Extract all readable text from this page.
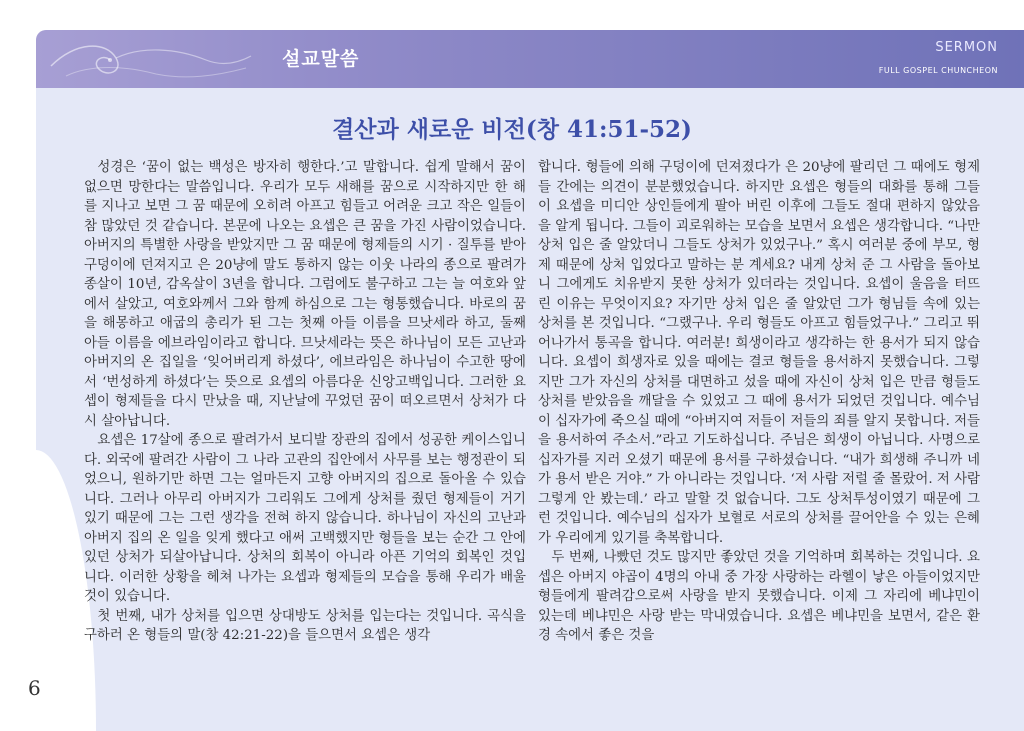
설교말씀
SERMON
FULL GOSPEL CHUNCHEON
결산과 새로운 비전(창 41:51-52)

성경은 ‘꿈이 없는 백성은 방자히 행한다.’고 말합니다. 쉽게 말해서 꿈이 없으면 망한다는 말씀입니다. 우리가 모두 새해를 꿈으로 시작하지만 한 해를 지나고 보면 그 꿈 때문에 오히려 아프고 힘들고 어려운 크고 작은 일들이 참 많았던 것 같습니다. 본문에 나오는 요셉은 큰 꿈을 가진 사람이었습니다. 아버지의 특별한 사랑을 받았지만 그 꿈 때문에 형제들의 시기 · 질투를 받아 구덩이에 던져지고 은 20냥에 말도 통하지 않는 이웃 나라의 종으로 팔려가 종살이 10년, 감옥살이 3년을 합니다. 그럼에도 불구하고 그는 늘 여호와 앞에서 살았고, 여호와께서 그와 함께 하심으로 그는 형통했습니다. 바로의 꿈을 해몽하고 애굽의 총리가 된 그는 첫째 아들 이름을 므낫세라 하고, 둘째 아들 이름을 에브라임이라고 합니다. 므낫세라는 뜻은 하나님이 모든 고난과 아버지의 온 집일을 ‘잊어버리게 하셨다’, 에브라임은 하나님이 수고한 땅에서 ‘번성하게 하셨다’는 뜻으로 요셉의 아름다운 신앙고백입니다. 그러한 요셉이 형제들을 다시 만났을 때, 지난날에 꾸었던 꿈이 떠오르면서 상처가 다시 살아납니다.

요셉은 17살에 종으로 팔려가서 보디발 장관의 집에서 성공한 케이스입니다. 외국에 팔려간 사람이 그 나라 고관의 집안에서 사무를 보는 행정관이 되었으니, 원하기만 하면 그는 얼마든지 고향 아버지의 집으로 돌아올 수 있습니다. 그러나 아무리 아버지가 그리워도 그에게 상처를 줬던 형제들이 거기 있기 때문에 그는 그런 생각을 전혀 하지 않습니다. 하나님이 자신의 고난과 아버지 집의 온 일을 잊게 했다고 애써 고백했지만 형들을 보는 순간 그 안에 있던 상처가 되살아납니다. 상처의 회복이 아니라 아픈 기억의 회복인 것입니다. 이러한 상황을 헤쳐 나가는 요셉과 형제들의 모습을 통해 우리가 배울 것이 있습니다.

첫 번째, 내가 상처를 입으면 상대방도 상처를 입는다는 것입니다. 곡식을 구하러 온 형들의 말(창 42:21-22)을 들으면서 요셉은 생각

합니다. 형들에 의해 구덩이에 던져졌다가 은 20냥에 팔리던 그 때에도 형제들 간에는 의견이 분분했었습니다. 하지만 요셉은 형들의 대화를 통해 그들이 요셉을 미디안 상인들에게 팔아 버린 이후에 그들도 절대 편하지 않았음을 알게 됩니다. 그들이 괴로워하는 모습을 보면서 요셉은 생각합니다. “나만 상처 입은 줄 알았더니 그들도 상처가 있었구나.” 혹시 여러분 중에 부모, 형제 때문에 상처 입었다고 말하는 분 계세요? 내게 상처 준 그 사람을 돌아보니 그에게도 치유받지 못한 상처가 있더라는 것입니다. 요셉이 울음을 터뜨린 이유는 무엇이지요? 자기만 상처 입은 줄 알았던 그가 형님들 속에 있는 상처를 본 것입니다. “그랬구나. 우리 형들도 아프고 힘들었구나.” 그리고 뛰어나가서 통곡을 합니다. 여러분! 희생이라고 생각하는 한 용서가 되지 않습니다. 요셉이 희생자로 있을 때에는 결코 형들을 용서하지 못했습니다. 그렇지만 그가 자신의 상처를 대면하고 섰을 때에 자신이 상처 입은 만큼 형들도 상처를 받았음을 깨달을 수 있었고 그 때에 용서가 되었던 것입니다. 예수님이 십자가에 죽으실 때에 “아버지여 저들이 저들의 죄를 알지 못합니다. 저들을 용서하여 주소서.”라고 기도하십니다. 주님은 희생이 아닙니다. 사명으로 십자가를 지러 오셨기 때문에 용서를 구하셨습니다. “내가 희생해 주니까 네가 용서 받은 거야.” 가 아니라는 것입니다. ‘저 사람 저럴 줄 몰랐어. 저 사람 그렇게 안 봤는데.’ 라고 말할 것 없습니다. 그도 상처투성이였기 때문에 그런 것입니다. 예수님의 십자가 보혈로 서로의 상처를 끌어안을 수 있는 은혜가 우리에게 있기를 축복합니다.

두 번째, 나빴던 것도 많지만 좋았던 것을 기억하며 회복하는 것입니다. 요셉은 아버지 야곱이 4명의 아내 중 가장 사랑하는 라헬이 낳은 아들이었지만 형들에게 팔려감으로써 사랑을 받지 못했습니다. 이제 그 자리에 베냐민이 있는데 베냐민은 사랑 받는 막내였습니다. 요셉은 베냐민을 보면서, 같은 환경 속에서 좋은 것을

6
